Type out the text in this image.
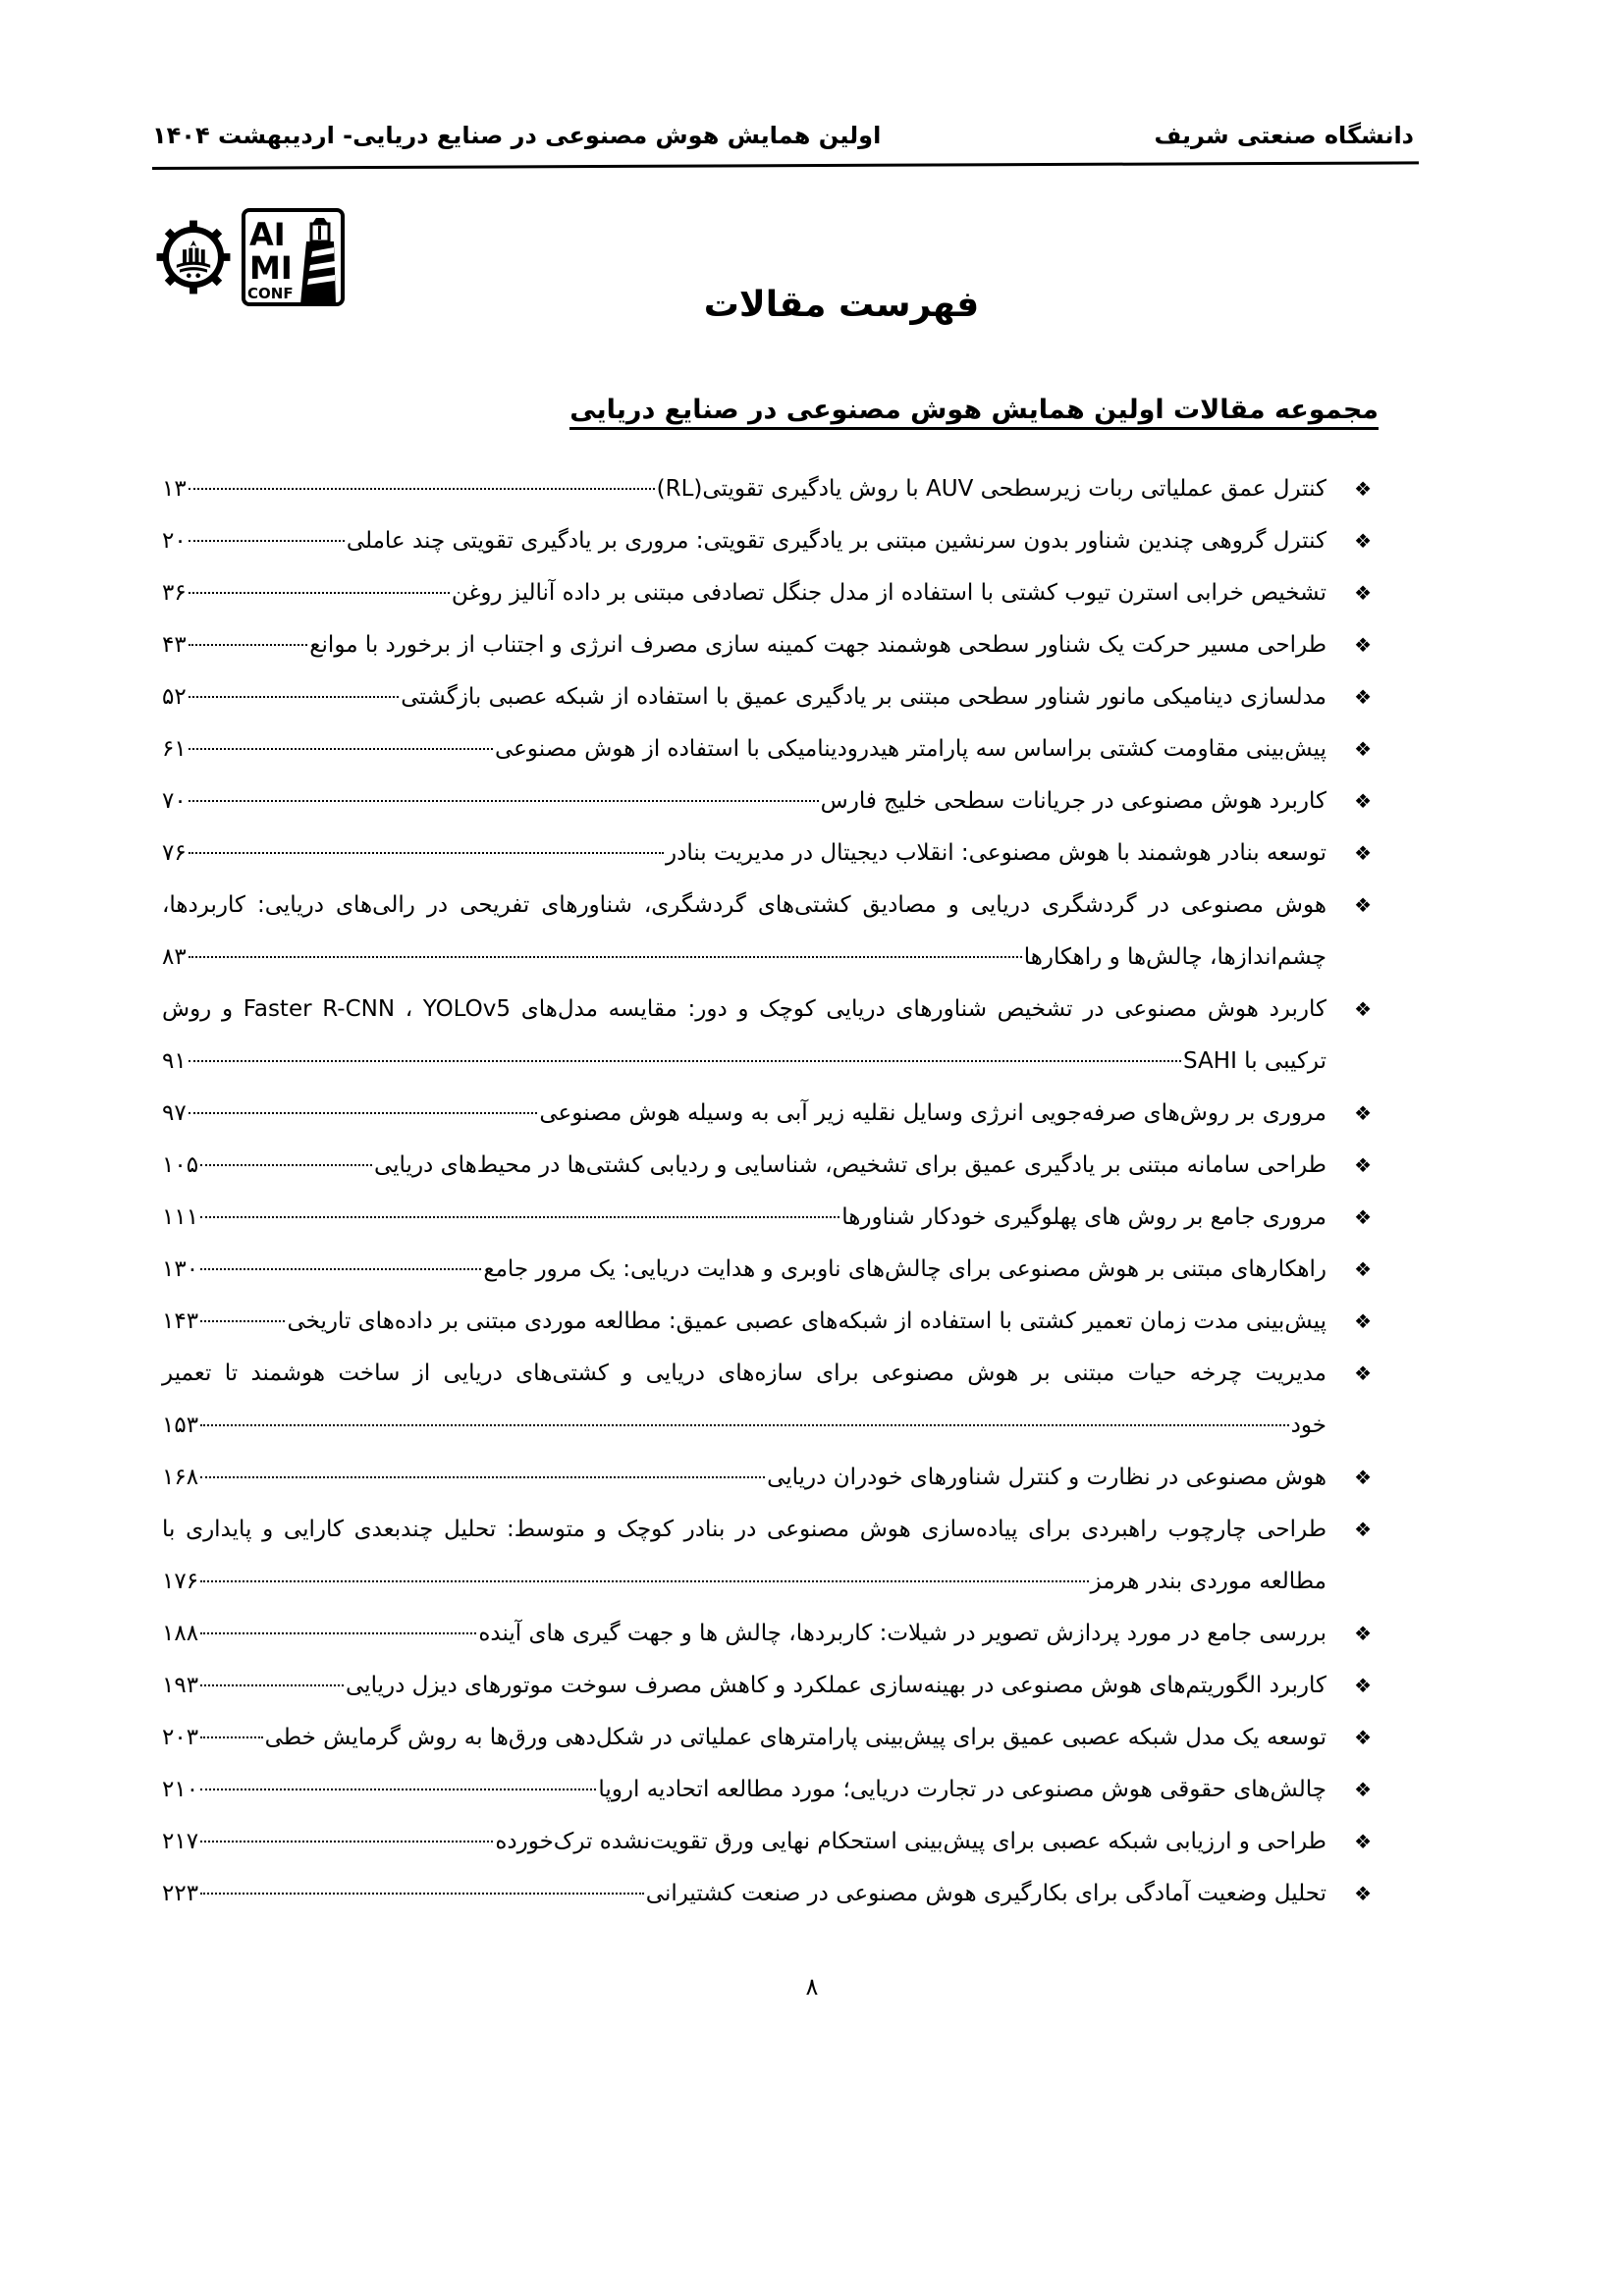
دانشگاه صنعتی شریف
اولین همایش هوش مصنوعی در صنایع دریایی- اردیبهشت ۱۴۰۴
AI
MI
CONF	فهرست مقالات
مجموعه مقالات اولین همایش هوش مصنوعی در صنایع دریایی
❖
کنترل عمق عملیاتی ربات زیرسطحی AUV با روش یادگیری تقویتی(RL)
۱۳
❖
کنترل گروهی چندین شناور بدون سرنشین مبتنی بر یادگیری تقویتی: مروری بر یادگیری تقویتی چند عاملی
۲۰
❖
تشخیص خرابی استرن تیوب کشتی با استفاده از مدل جنگل تصادفی مبتنی بر داده آنالیز روغن
۳۶
❖
طراحی مسیر حرکت یک شناور سطحی هوشمند جهت کمینه سازی مصرف انرژی و اجتناب از برخورد با موانع
۴۳
❖
مدلسازی دینامیکی مانور شناور سطحی مبتنی بر یادگیری عمیق با استفاده از شبکه عصبی بازگشتی
۵۲
❖
پیش‌بینی مقاومت کشتی براساس سه پارامتر هیدرودینامیکی با استفاده از هوش مصنوعی
۶۱
❖
کاربرد هوش مصنوعی در جریانات سطحی خلیج فارس
۷۰
❖
توسعه بنادر هوشمند با هوش مصنوعی: انقلاب دیجیتال در مدیریت بنادر
۷۶
❖
هوش مصنوعی در گردشگری دریایی و مصادیق کشتی‌های گردشگری، شناورهای تفریحی در رالی‌های دریایی: کاربردها،
چشم‌اندازها، چالش‌ها و راهکارها
۸۳
❖
کاربرد هوش مصنوعی در تشخیص شناورهای دریایی کوچک و دور: مقایسه مدل‌های Faster R-CNN ، YOLOv5 و روش
ترکیبی با SAHI
۹۱
❖
مروری بر روش‌های صرفه‌جویی انرژی وسایل نقلیه زیر آبی به وسیله هوش مصنوعی
۹۷
❖
طراحی سامانه مبتنی بر یادگیری عمیق برای تشخیص، شناسایی و ردیابی کشتی‌ها در محیط‌های دریایی
۱۰۵
❖
مروری جامع بر روش های پهلوگیری خودکار شناورها
۱۱۱
❖
راهکارهای مبتنی بر هوش مصنوعی برای چالش‌های ناوبری و هدایت دریایی: یک مرور جامع
۱۳۰
❖
پیش‌بینی مدت زمان تعمیر کشتی با استفاده از شبکه‌های عصبی عمیق: مطالعه موردی مبتنی بر داده‌های تاریخی
۱۴۳
❖
مدیریت چرخه حیات مبتنی بر هوش مصنوعی برای سازه‌های دریایی و کشتی‌های دریایی از ساخت هوشمند تا تعمیر
خود
۱۵۳
❖
هوش مصنوعی در نظارت و کنترل شناورهای خودران دریایی
۱۶۸
❖
طراحی چارچوب راهبردی برای پیاده‌سازی هوش مصنوعی در بنادر کوچک و متوسط: تحلیل چندبعدی کارایی و پایداری با
مطالعه موردی بندر هرمز
۱۷۶
❖
بررسی جامع در مورد پردازش تصویر در شیلات: کاربردها، چالش ها و جهت گیری های آینده
۱۸۸
❖
کاربرد الگوریتم‌های هوش مصنوعی در بهینه‌سازی عملکرد و کاهش مصرف سوخت موتورهای دیزل دریایی
۱۹۳
❖
توسعه یک مدل شبکه عصبی عمیق برای پیش‌بینی پارامترهای عملیاتی در شکل‌دهی ورق‌ها به روش گرمایش خطی
۲۰۳
❖
چالش‌های حقوقی هوش مصنوعی در تجارت دریایی؛ مورد مطالعه اتحادیه اروپا
۲۱۰
❖
طراحی و ارزیابی شبکه عصبی برای پیش‌بینی استحکام نهایی ورق تقویت‌نشده ترک‌خورده
۲۱۷
❖
تحلیل وضعیت آمادگی برای بکارگیری هوش مصنوعی در صنعت کشتیرانی
۲۲۳
۸
